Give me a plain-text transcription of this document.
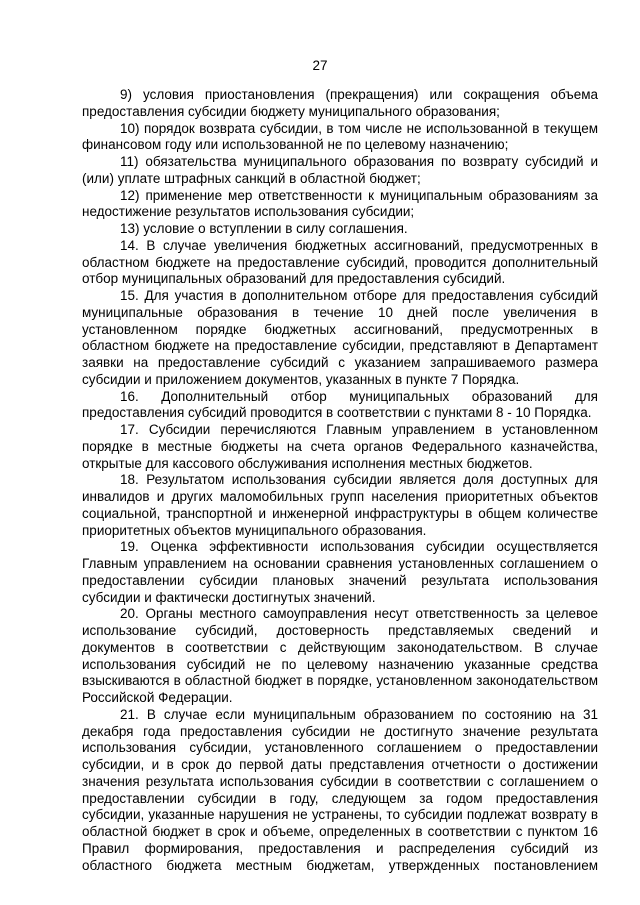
27

9) условия приостановления (прекращения) или сокращения объема предоставления субсидии бюджету муниципального образования;

10) порядок возврата субсидии, в том числе не использованной в текущем финансовом году или использованной не по целевому назначению;

11) обязательства муниципального образования по возврату субсидий и (или) уплате штрафных санкций в областной бюджет;

12) применение мер ответственности к муниципальным образованиям за недостижение результатов использования субсидии;

13) условие о вступлении в силу соглашения.

14. В случае увеличения бюджетных ассигнований, предусмотренных в областном бюджете на предоставление субсидий, проводится дополнительный отбор муниципальных образований для предоставления субсидий.

15. Для участия в дополнительном отборе для предоставления субсидий муниципальные образования в течение 10 дней после увеличения в установленном порядке бюджетных ассигнований, предусмотренных в областном бюджете на предоставление субсидии, представляют в Департамент заявки на предоставление субсидий с указанием запрашиваемого размера субсидии и приложением документов, указанных в пункте 7 Порядка.

16. Дополнительный отбор муниципальных образований для предоставления субсидий проводится в соответствии с пунктами 8 - 10 Порядка.

17. Субсидии перечисляются Главным управлением в установленном порядке в местные бюджеты на счета органов Федерального казначейства, открытые для кассового обслуживания исполнения местных бюджетов.

18. Результатом использования субсидии является доля доступных для инвалидов и других маломобильных групп населения приоритетных объектов социальной, транспортной и инженерной инфраструктуры в общем количестве приоритетных объектов муниципального образования.

19. Оценка эффективности использования субсидии осуществляется Главным управлением на основании сравнения установленных соглашением о предоставлении субсидии плановых значений результата использования субсидии и фактически достигнутых значений.

20. Органы местного самоуправления несут ответственность за целевое использование субсидий, достоверность представляемых сведений и документов в соответствии с действующим законодательством. В случае использования субсидий не по целевому назначению указанные средства взыскиваются в областной бюджет в порядке, установленном законодательством Российской Федерации.

21. В случае если муниципальным образованием по состоянию на 31 декабря года предоставления субсидии не достигнуто значение результата использования субсидии, установленного соглашением о предоставлении субсидии, и в срок до первой даты представления отчетности о достижении значения результата использования субсидии в соответствии с соглашением о предоставлении субсидии в году, следующем за годом предоставления субсидии, указанные нарушения не устранены, то субсидии подлежат возврату в областной бюджет в срок и объеме, определенных в соответствии с пунктом 16 Правил формирования, предоставления и распределения субсидий из областного бюджета местным бюджетам, утвержденных постановлением
